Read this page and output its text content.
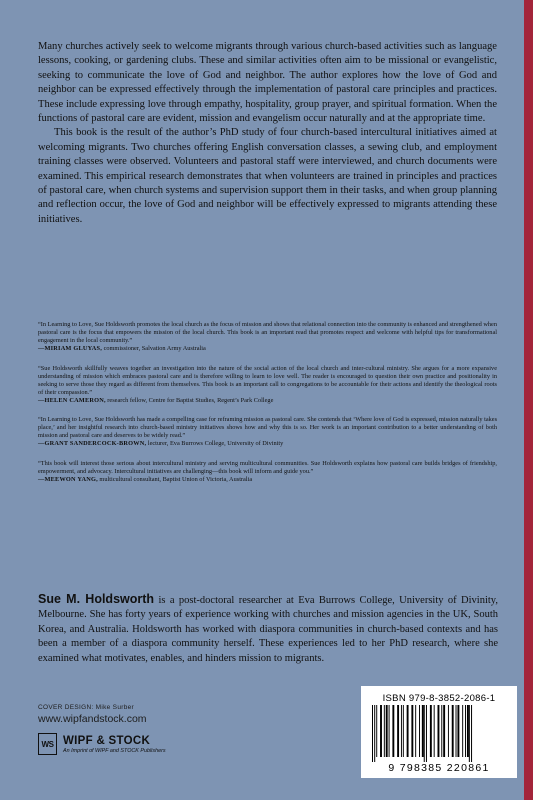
Many churches actively seek to welcome migrants through various church-based activities such as language lessons, cooking, or gardening clubs. These and similar activities often aim to be missional or evangelistic, seeking to communicate the love of God and neighbor. The author explores how the love of God and neighbor can be expressed effectively through the implementation of pastoral care principles and practices. These include expressing love through empathy, hospitality, group prayer, and spiritual formation. When the functions of pastoral care are evident, mission and evangelism occur naturally and at the appropriate time.

This book is the result of the author’s PhD study of four church-based intercultural initiatives aimed at welcoming migrants. Two churches offering English conversation classes, a sewing club, and employment training classes were observed. Volunteers and pastoral staff were interviewed, and church documents were examined. This empirical research demonstrates that when volunteers are trained in principles and practices of pastoral care, when church systems and supervision support them in their tasks, and when group planning and reflection occur, the love of God and neighbor will be effectively expressed to migrants attending these initiatives.

“In Learning to Love, Sue Holdsworth promotes the local church as the focus of mission and shows that relational connection into the community is enhanced and strengthened when pastoral care is the focus that empowers the mission of the local church. This book is an important read that promotes respect and welcome with helpful tips for transformational engagement in the local community.”

—MIRIAM GLUYAS, commissioner, Salvation Army Australia

“Sue Holdsworth skillfully weaves together an investigation into the nature of the social action of the local church and inter-cultural ministry. She argues for a more expansive understanding of mission which embraces pastoral care and is therefore willing to learn to love well. The reader is encouraged to question their own practice and positionality in seeking to serve those they regard as different from themselves. This book is an important call to congregations to be accountable for their actions and identify the theological roots of their compassion.”

—HELEN CAMERON, research fellow, Centre for Baptist Studies, Regent’s Park College

“In Learning to Love, Sue Holdsworth has made a compelling case for reframing mission as pastoral care. She contends that ‘Where love of God is expressed, mission naturally takes place,’ and her insightful research into church-based ministry initiatives shows how and why this is so. Her work is an important contribution to a better understanding of both mission and pastoral care and deserves to be widely read.”

—GRANT SANDERCOCK-BROWN, lecturer, Eva Burrows College, University of Divinity

“This book will interest those serious about intercultural ministry and serving multicultural communities. Sue Holdsworth explains how pastoral care builds bridges of friendship, empowerment, and advocacy. Intercultural initiatives are challenging—this book will inform and guide you.”

—MEEWON YANG, multicultural consultant, Baptist Union of Victoria, Australia

Sue M. Holdsworth is a post-doctoral researcher at Eva Burrows College, University of Divinity, Melbourne. She has forty years of experience working with churches and mission agencies in the UK, South Korea, and Australia. Holdsworth has worked with diaspora communities in church-based contexts and has been a member of a diaspora community herself. These experiences led to her PhD research, where she examined what motivates, enables, and hinders mission to migrants.

COVER DESIGN: Mike Surber
www.wipfandstock.com
WS WIPF & STOCK
An Imprint of WIPF and STOCK Publishers
ISBN 979-8-3852-2086-1
9 798385 220861
